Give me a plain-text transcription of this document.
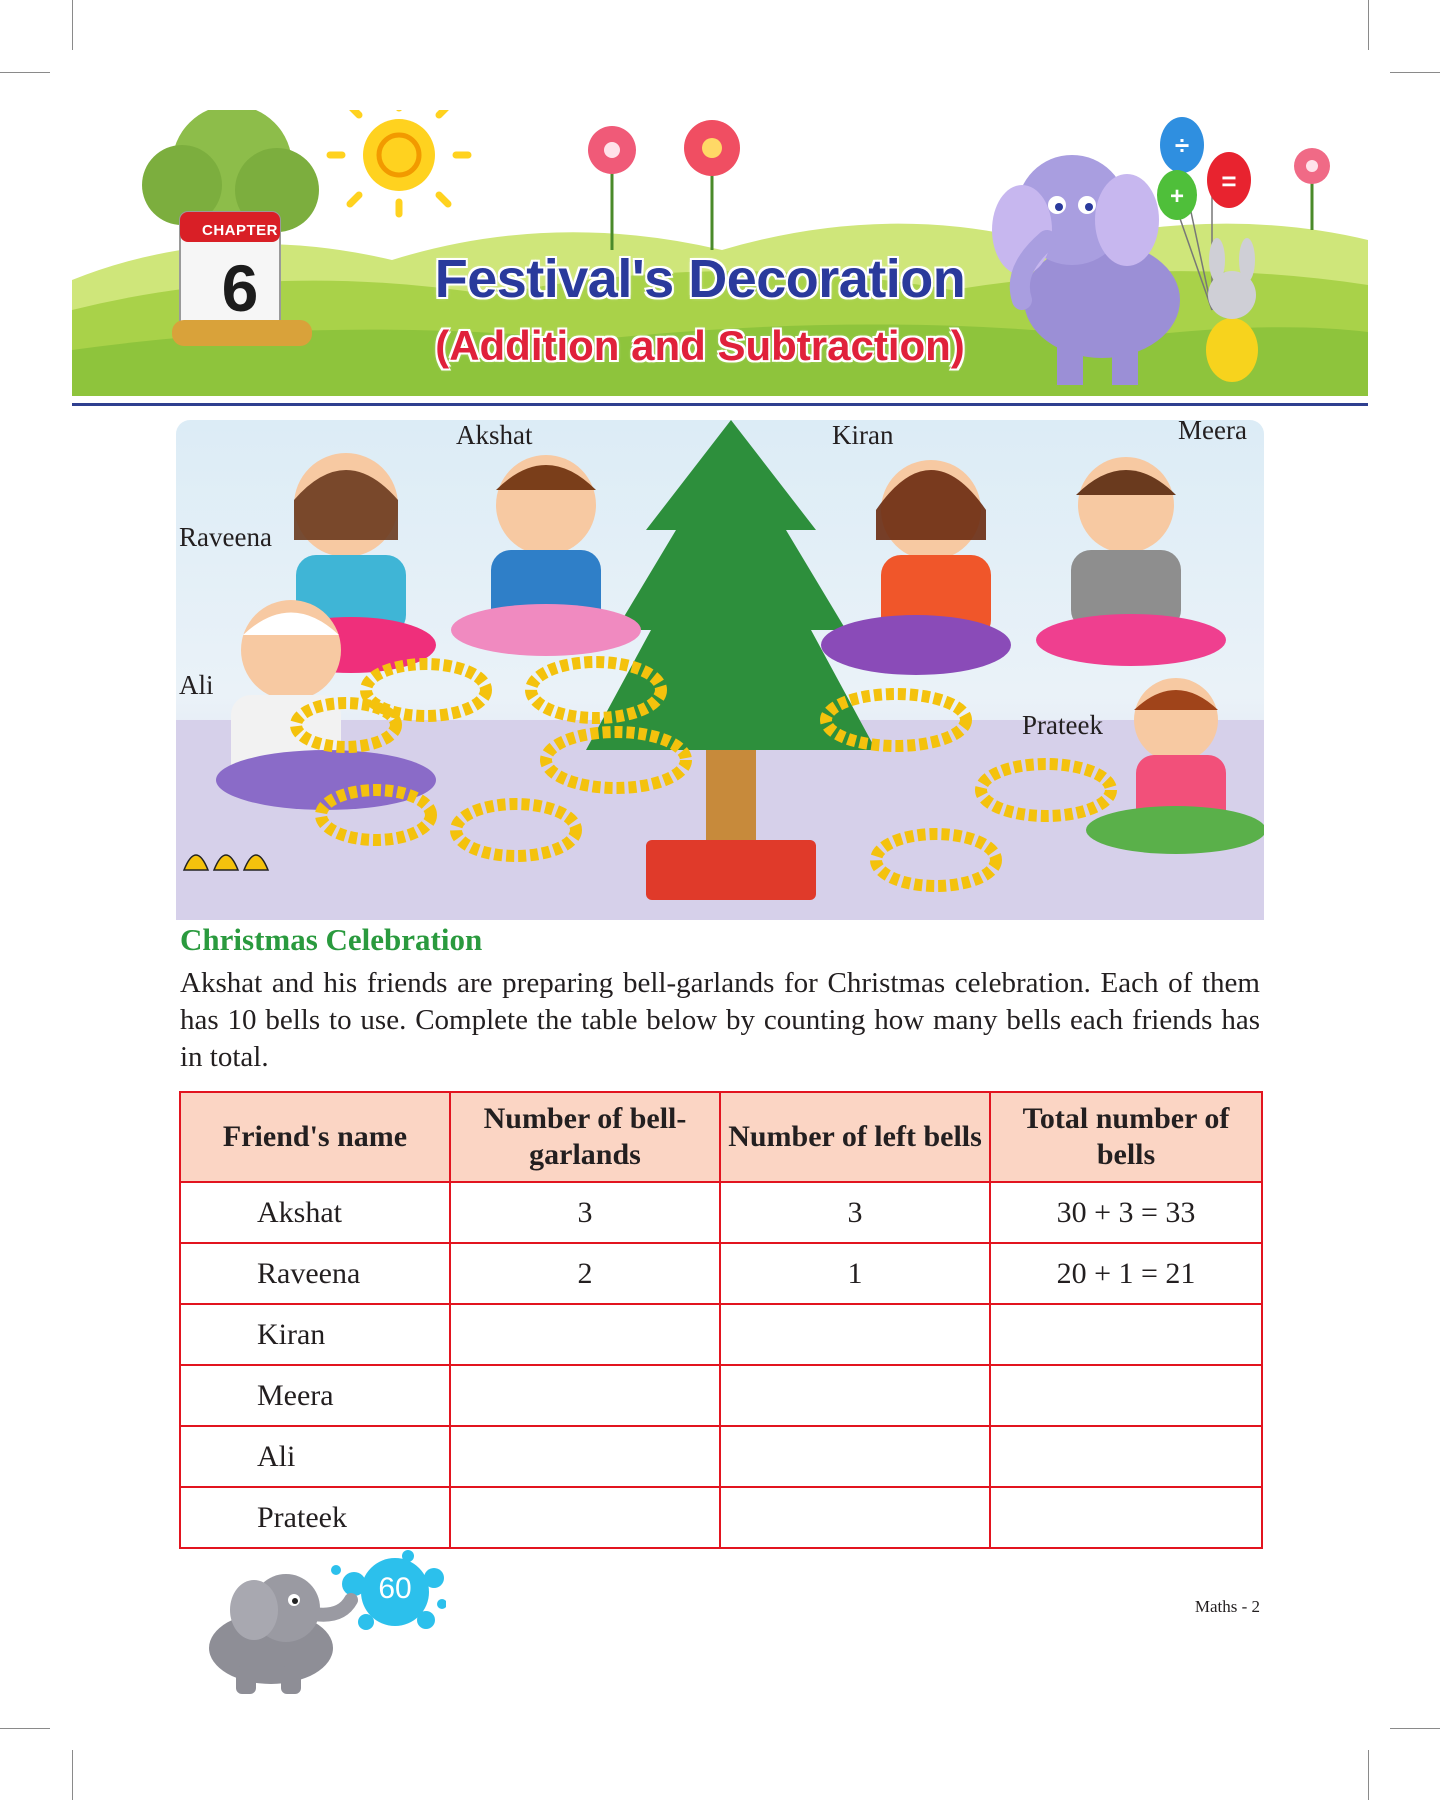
÷
=
+
CHAPTER
6	Festival's Decoration
(Addition and Subtraction)
Akshat	Kiran	Meera
Raveena
Ali
Prateek
Christmas Celebration
Akshat and his friends are preparing bell-garlands for Christmas celebration. Each of them has 10 bells to use. Complete the table below by counting how many bells each friends has in total.
Friend's name	Number of bell-garlands	Number of left bells	Total number of bells
Akshat	3	3	30 + 3 = 33
Raveena	2	1	20 + 1 = 21
Kiran			
Meera			
Ali			
Prateek			
60
Maths - 2
